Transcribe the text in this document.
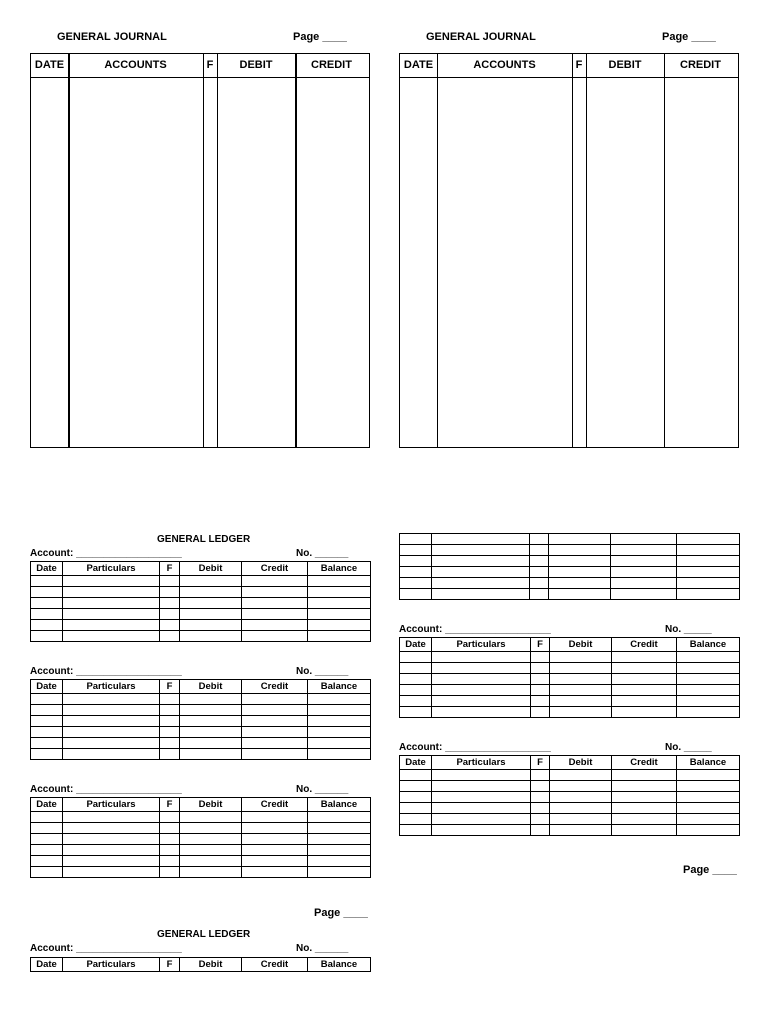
GENERAL JOURNAL	Page ____
DATE	ACCOUNTS	F	DEBIT	CREDIT
GENERAL JOURNAL	Page ____
DATE	ACCOUNTS	F	DEBIT	CREDIT
GENERAL LEDGER
Account: ___________________	No. ______
Date	Particulars	F	Debit	Credit	Balance

Account: ___________________	No. ______
Date	Particulars	F	Debit	Credit	Balance

Account: ___________________	No. ______
Date	Particulars	F	Debit	Credit	Balance

Page ____
GENERAL LEDGER
Account: ___________________	No. ______
Date	Particulars	F	Debit	Credit	Balance

Account: ___________________	No. _____
Date	Particulars	F	Debit	Credit	Balance

Account: ___________________	No. _____
Date	Particulars	F	Debit	Credit	Balance

Page ____
